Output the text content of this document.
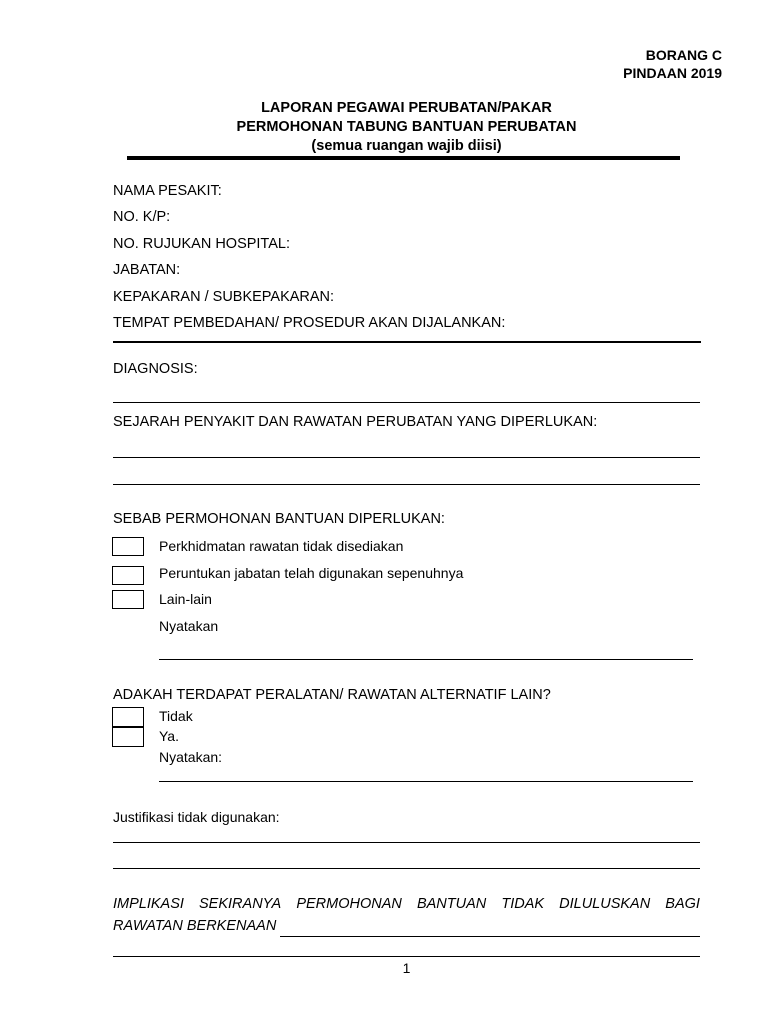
BORANG C
PINDAAN 2019
LAPORAN PEGAWAI PERUBATAN/PAKAR
PERMOHONAN TABUNG BANTUAN PERUBATAN
(semua ruangan wajib diisi)
NAMA PESAKIT:
NO. K/P:
NO. RUJUKAN HOSPITAL:
JABATAN:
KEPAKARAN / SUBKEPAKARAN:
TEMPAT PEMBEDAHAN/ PROSEDUR AKAN DIJALANKAN:
DIAGNOSIS:
SEJARAH PENYAKIT DAN RAWATAN PERUBATAN YANG DIPERLUKAN:
SEBAB PERMOHONAN BANTUAN DIPERLUKAN:
Perkhidmatan rawatan tidak disediakan
Peruntukan jabatan telah digunakan sepenuhnya
Lain-lain
Nyatakan
ADAKAH TERDAPAT PERALATAN/ RAWATAN ALTERNATIF LAIN?
Tidak
Ya.
Nyatakan:
Justifikasi tidak digunakan:
IMPLIKASI SEKIRANYA PERMOHONAN BANTUAN TIDAK DILULUSKAN BAGI
RAWATAN BERKENAAN
1
